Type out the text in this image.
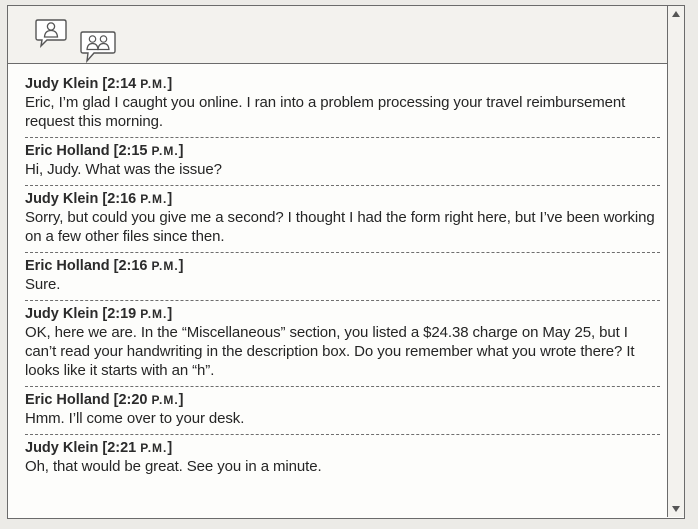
Judy Klein [2:14 P.M.]
Eric, I’m glad I caught you online. I ran into a problem processing your travel reimbursement request this morning.
Eric Holland [2:15 P.M.]
Hi, Judy. What was the issue?
Judy Klein [2:16 P.M.]
Sorry, but could you give me a second? I thought I had the form right here, but I’ve been working on a few other files since then.
Eric Holland [2:16 P.M.]
Sure.
Judy Klein [2:19 P.M.]
OK, here we are. In the “Miscellaneous” section, you listed a $24.38 charge on May 25, but I can’t read your handwriting in the description box. Do you remember what you wrote there? It looks like it starts with an “h”.
Eric Holland [2:20 P.M.]
Hmm. I’ll come over to your desk.
Judy Klein [2:21 P.M.]
Oh, that would be great. See you in a minute.
